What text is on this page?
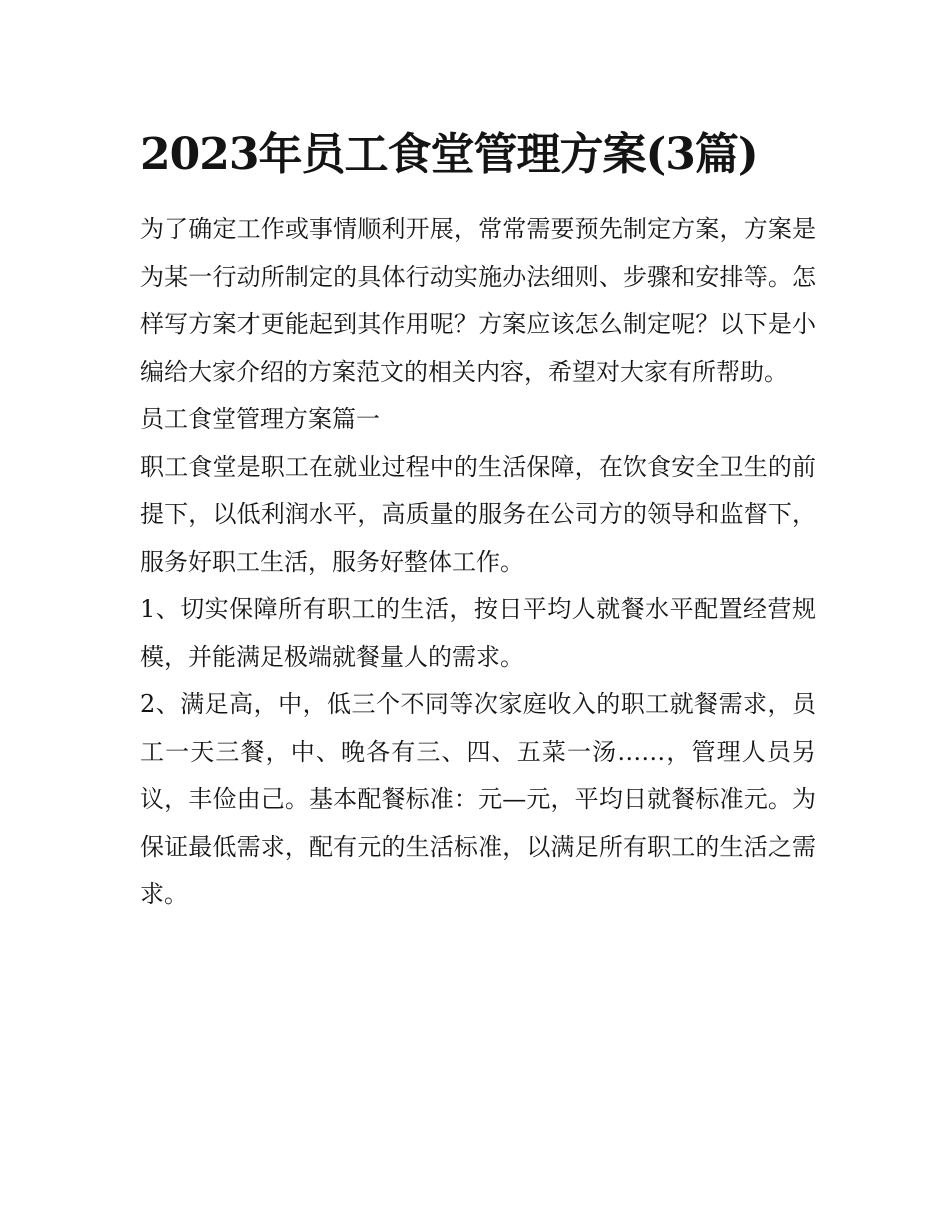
2023年员工食堂管理方案(3篇)

为了确定工作或事情顺利开展，常常需要预先制定方案，方案是为某一行动所制定的具体行动实施办法细则、步骤和安排等。怎样写方案才更能起到其作用呢？方案应该怎么制定呢？以下是小编给大家介绍的方案范文的相关内容，希望对大家有所帮助。

员工食堂管理方案篇一

职工食堂是职工在就业过程中的生活保障，在饮食安全卫生的前提下，以低利润水平，高质量的服务在公司方的领导和监督下，服务好职工生活，服务好整体工作。

1、切实保障所有职工的生活，按日平均人就餐水平配置经营规模，并能满足极端就餐量人的需求。

2、满足高，中，低三个不同等次家庭收入的职工就餐需求，员工一天三餐，中、晚各有三、四、五菜一汤……，管理人员另议，丰俭由己。基本配餐标准：元—元，平均日就餐标准元。为保证最低需求，配有元的生活标准，以满足所有职工的生活之需求。
